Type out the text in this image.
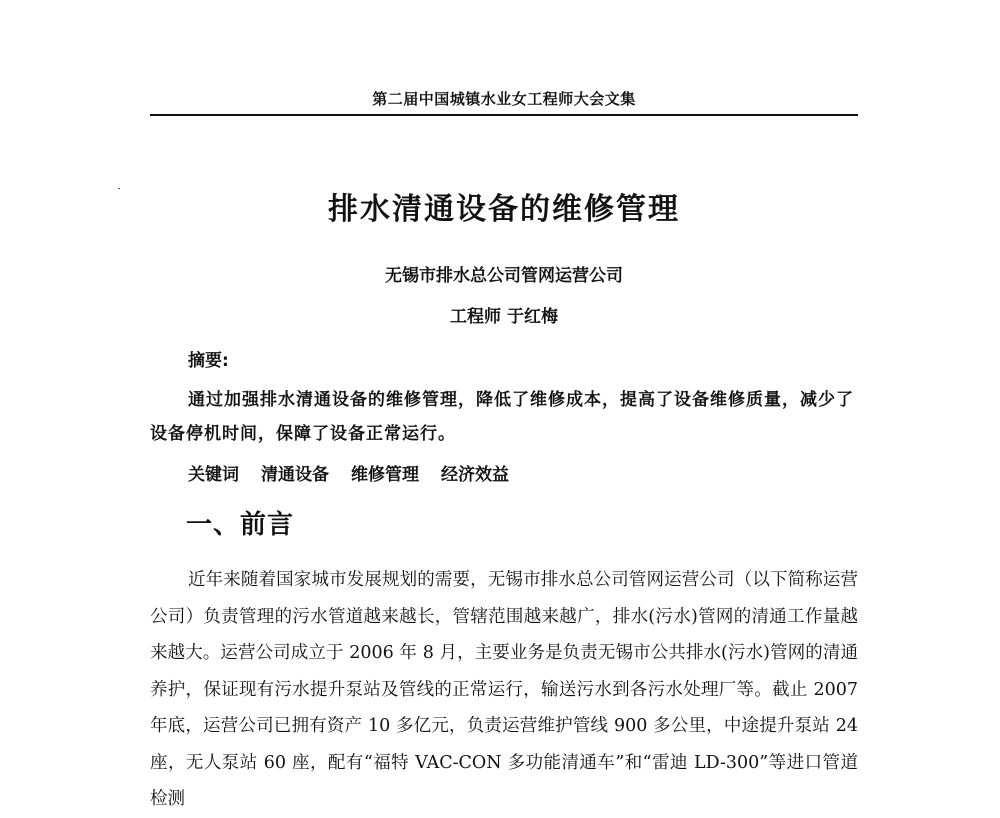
第二届中国城镇水业女工程师大会文集
排水清通设备的维修管理
无锡市排水总公司管网运营公司
工程师 于红梅
摘要:

通过加强排水清通设备的维修管理，降低了维修成本，提高了设备维修质量，减少了设备停机时间，保障了设备正常运行。

关键词 清通设备 维修管理 经济效益
一、前言

近年来随着国家城市发展规划的需要，无锡市排水总公司管网运营公司（以下简称运营公司）负责管理的污水管道越来越长，管辖范围越来越广，排水(污水)管网的清通工作量越来越大。运营公司成立于 2006 年 8 月，主要业务是负责无锡市公共排水(污水)管网的清通养护，保证现有污水提升泵站及管线的正常运行，输送污水到各污水处理厂等。截止 2007 年底，运营公司已拥有资产 10 多亿元，负责运营维护管线 900 多公里，中途提升泵站 24 座，无人泵站 60 座，配有“福特 VAC-CON 多功能清通车”和“雷迪 LD-300”等进口管道检测
